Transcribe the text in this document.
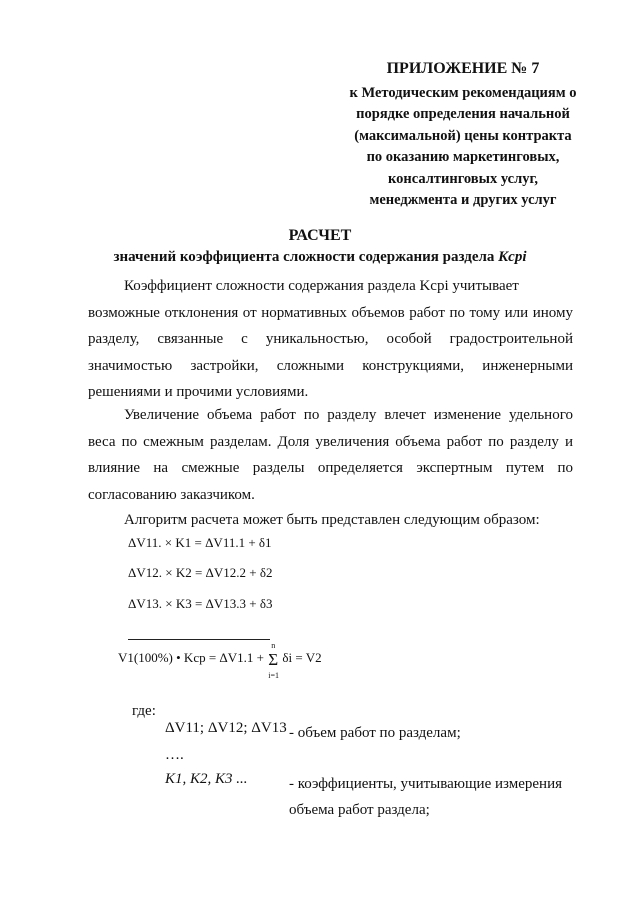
ПРИЛОЖЕНИЕ № 7
к Методическим рекомендациям о
порядке определения начальной
(максимальной) цены контракта
по оказанию маркетинговых,
консалтинговых услуг,
менеджмента и других услуг
РАСЧЕТ
значений коэффициента сложности содержания раздела Kсрі
Коэффициент сложности содержания раздела Kсрі учитывает
возможные отклонения от нормативных объемов работ по тому или иному разделу, связанные с уникальностью, особой градостроительной значимостью застройки, сложными конструкциями, инженерными решениями и прочими условиями.
Увеличение объема работ по разделу влечет изменение удельного веса по смежным разделам. Доля увеличения объема работ по разделу и влияние на смежные разделы определяется экспертным путем по согласованию заказчиком.
Алгоритм расчета может быть представлен следующим образом:
ΔV11. × K1 = ΔV11.1 + δ1
ΔV12. × K2 = ΔV12.2 + δ2
ΔV13. × K3 = ΔV13.3 + δ3
V1(100%) • Kср = ΔV1.1 + Σ
n
i=1
δi = V2
где:
ΔV11; ΔV12; ΔV13 - объем работ по разделам;
….
K1, K2, K3 ...	- коэффициенты, учитывающие измерения объема работ раздела;
